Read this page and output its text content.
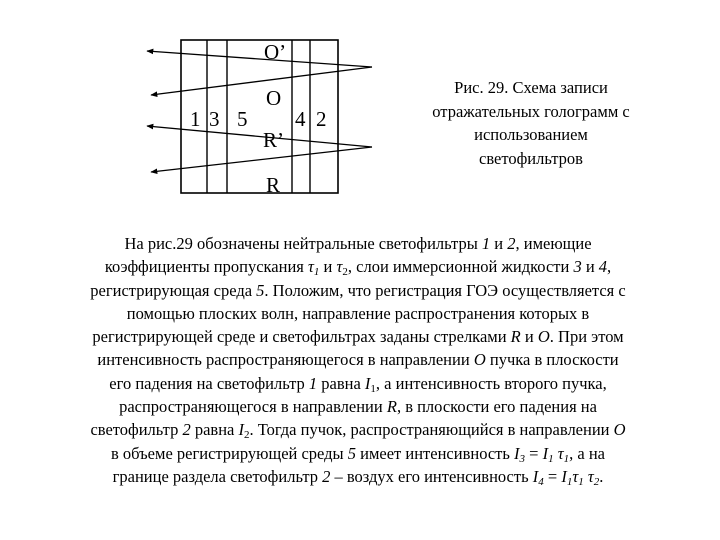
O’
O
R’
R
1 3 5 4 2
Рис. 29. Схема записи
отражательных голограмм с
использованием
светофильтров
На рис.29 обозначены нейтральные светофильтры 1 и 2, имеющие
коэффициенты пропускания $\tau_1$ и $\tau_2$, слои иммерсионной жидкости 3 и 4,
регистрирующая среда 5. Положим, что регистрация ГОЭ осуществляется с
помощью плоских волн, направление распространения которых в
регистрирующей среде и светофильтрах заданы стрелками R и O. При этом
интенсивность распространяющегося в направлении O пучка в плоскости
его падения на светофильтр 1 равна $I_1$, а интенсивность второго пучка,
распространяющегося в направлении R, в плоскости его падения на
светофильтр 2 равна $I_2$. Тогда пучок, распространяющийся в направлении O
в объеме регистрирующей среды 5 имеет интенсивность $I_3 = I_1$ $\tau_1$, а на
границе раздела светофильтр 2 – воздух его интенсивность $I_4 = I_1\tau_1$ $\tau_2$.
